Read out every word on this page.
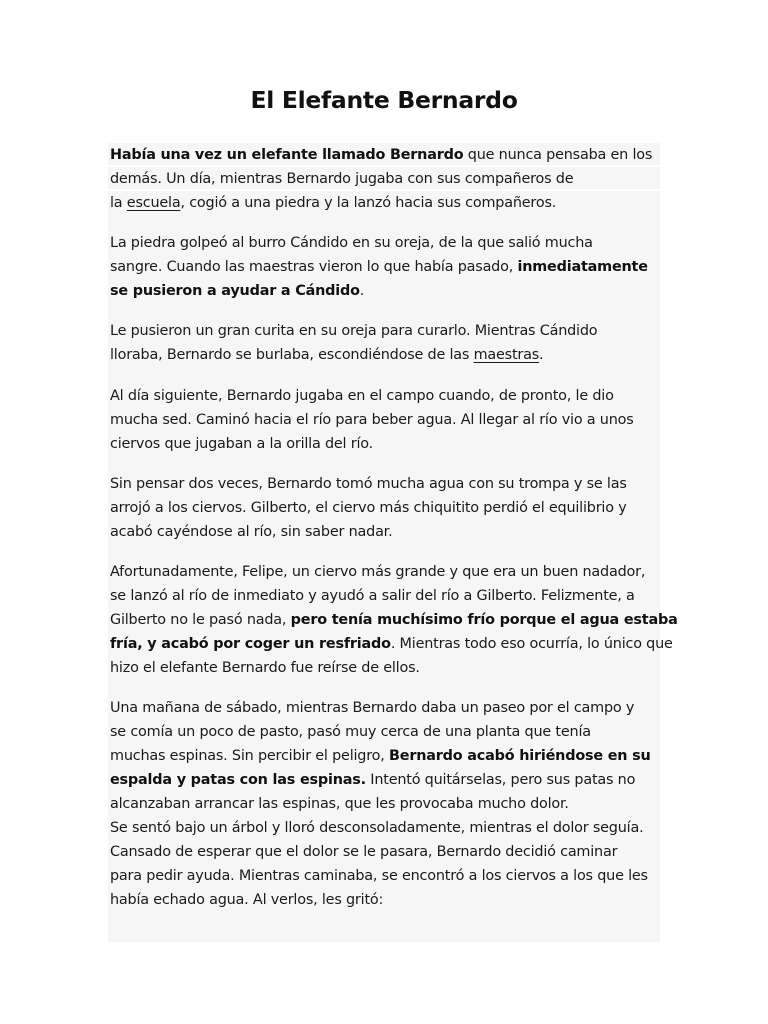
El Elefante Bernardo

Había una vez un elefante llamado Bernardo que nunca pensaba en los
demás. Un día, mientras Bernardo jugaba con sus compañeros de
la escuela, cogió a una piedra y la lanzó hacia sus compañeros.

La piedra golpeó al burro Cándido en su oreja, de la que salió mucha
sangre. Cuando las maestras vieron lo que había pasado, inmediatamente
se pusieron a ayudar a Cándido.

Le pusieron un gran curita en su oreja para curarlo. Mientras Cándido
lloraba, Bernardo se burlaba, escondiéndose de las maestras.

Al día siguiente, Bernardo jugaba en el campo cuando, de pronto, le dio
mucha sed. Caminó hacia el río para beber agua. Al llegar al río vio a unos
ciervos que jugaban a la orilla del río.

Sin pensar dos veces, Bernardo tomó mucha agua con su trompa y se las
arrojó a los ciervos. Gilberto, el ciervo más chiquitito perdió el equilibrio y
acabó cayéndose al río, sin saber nadar.

Afortunadamente, Felipe, un ciervo más grande y que era un buen nadador,
se lanzó al río de inmediato y ayudó a salir del río a Gilberto. Felizmente, a
Gilberto no le pasó nada, pero tenía muchísimo frío porque el agua estaba
fría, y acabó por coger un resfriado. Mientras todo eso ocurría, lo único que
hizo el elefante Bernardo fue reírse de ellos.

Una mañana de sábado, mientras Bernardo daba un paseo por el campo y
se comía un poco de pasto, pasó muy cerca de una planta que tenía
muchas espinas. Sin percibir el peligro, Bernardo acabó hiriéndose en su
espalda y patas con las espinas. Intentó quitárselas, pero sus patas no
alcanzaban arrancar las espinas, que les provocaba mucho dolor.

Se sentó bajo un árbol y lloró desconsoladamente, mientras el dolor seguía.
Cansado de esperar que el dolor se le pasara, Bernardo decidió caminar
para pedir ayuda. Mientras caminaba, se encontró a los ciervos a los que les
había echado agua. Al verlos, les gritó:
